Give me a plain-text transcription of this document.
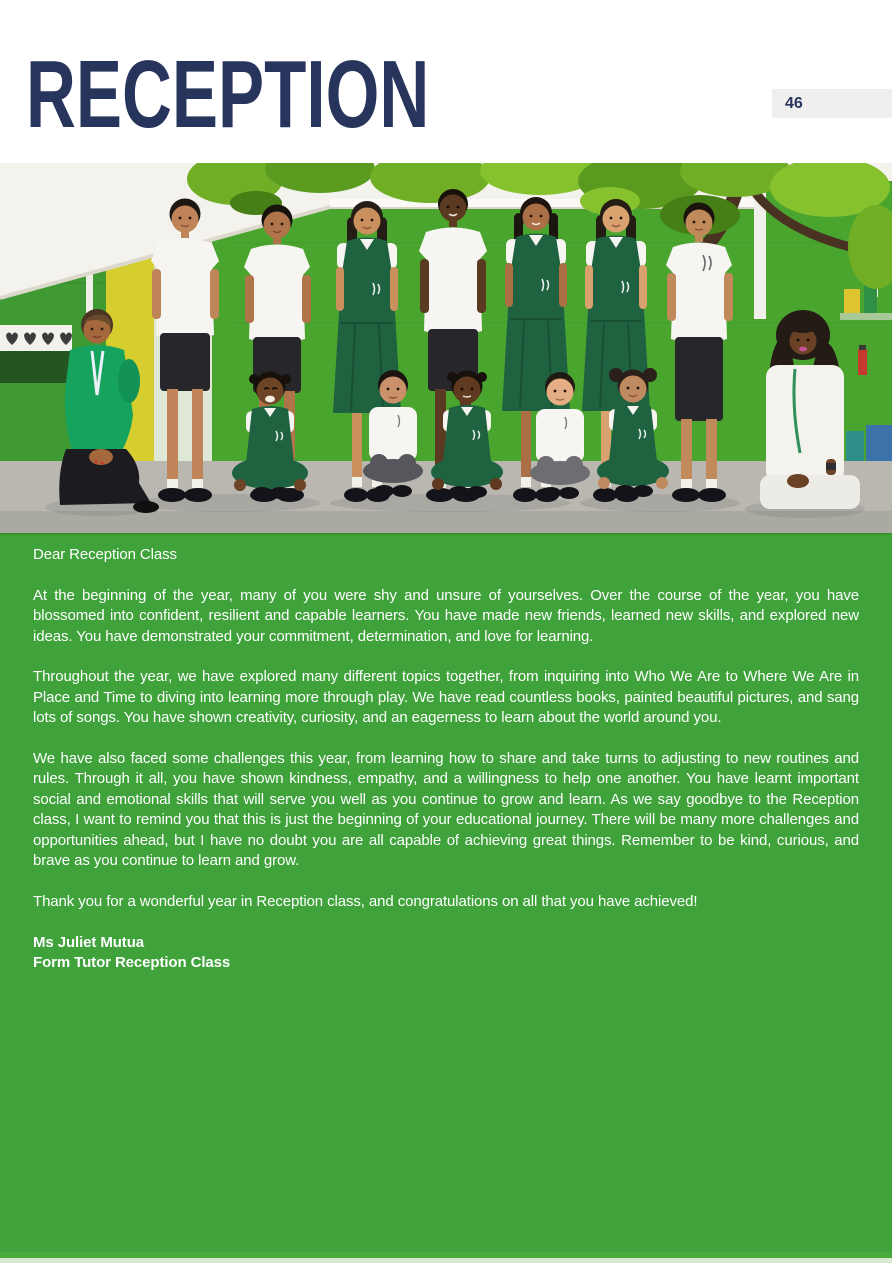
RECEPTION	46

Dear Reception Class

At the beginning of the year, many of you were shy and unsure of yourselves. Over the course of the year, you have blossomed into confident, resilient and capable learners. You have made new friends, learned new skills, and explored new ideas. You have demonstrated your commitment, determination, and love for learning.

Throughout the year, we have explored many different topics together, from inquiring into Who We Are to Where We Are in Place and Time to diving into learning more through play. We have read countless books, painted beautiful pictures, and sang lots of songs. You have shown creativity, curiosity, and an eagerness to learn about the world around you.

We have also faced some challenges this year, from learning how to share and take turns to adjusting to new routines and rules. Through it all, you have shown kindness, empathy, and a willingness to help one another. You have learnt important social and emotional skills that will serve you well as you continue to grow and learn. As we say goodbye to the Reception class, I want to remind you that this is just the beginning of your educational journey. There will be many more challenges and opportunities ahead, but I have no doubt you are all capable of achieving great things. Remember to be kind, curious, and brave as you continue to learn and grow.

Thank you for a wonderful year in Reception class, and congratulations on all that you have achieved!

Ms Juliet Mutua
Form Tutor Reception Class
